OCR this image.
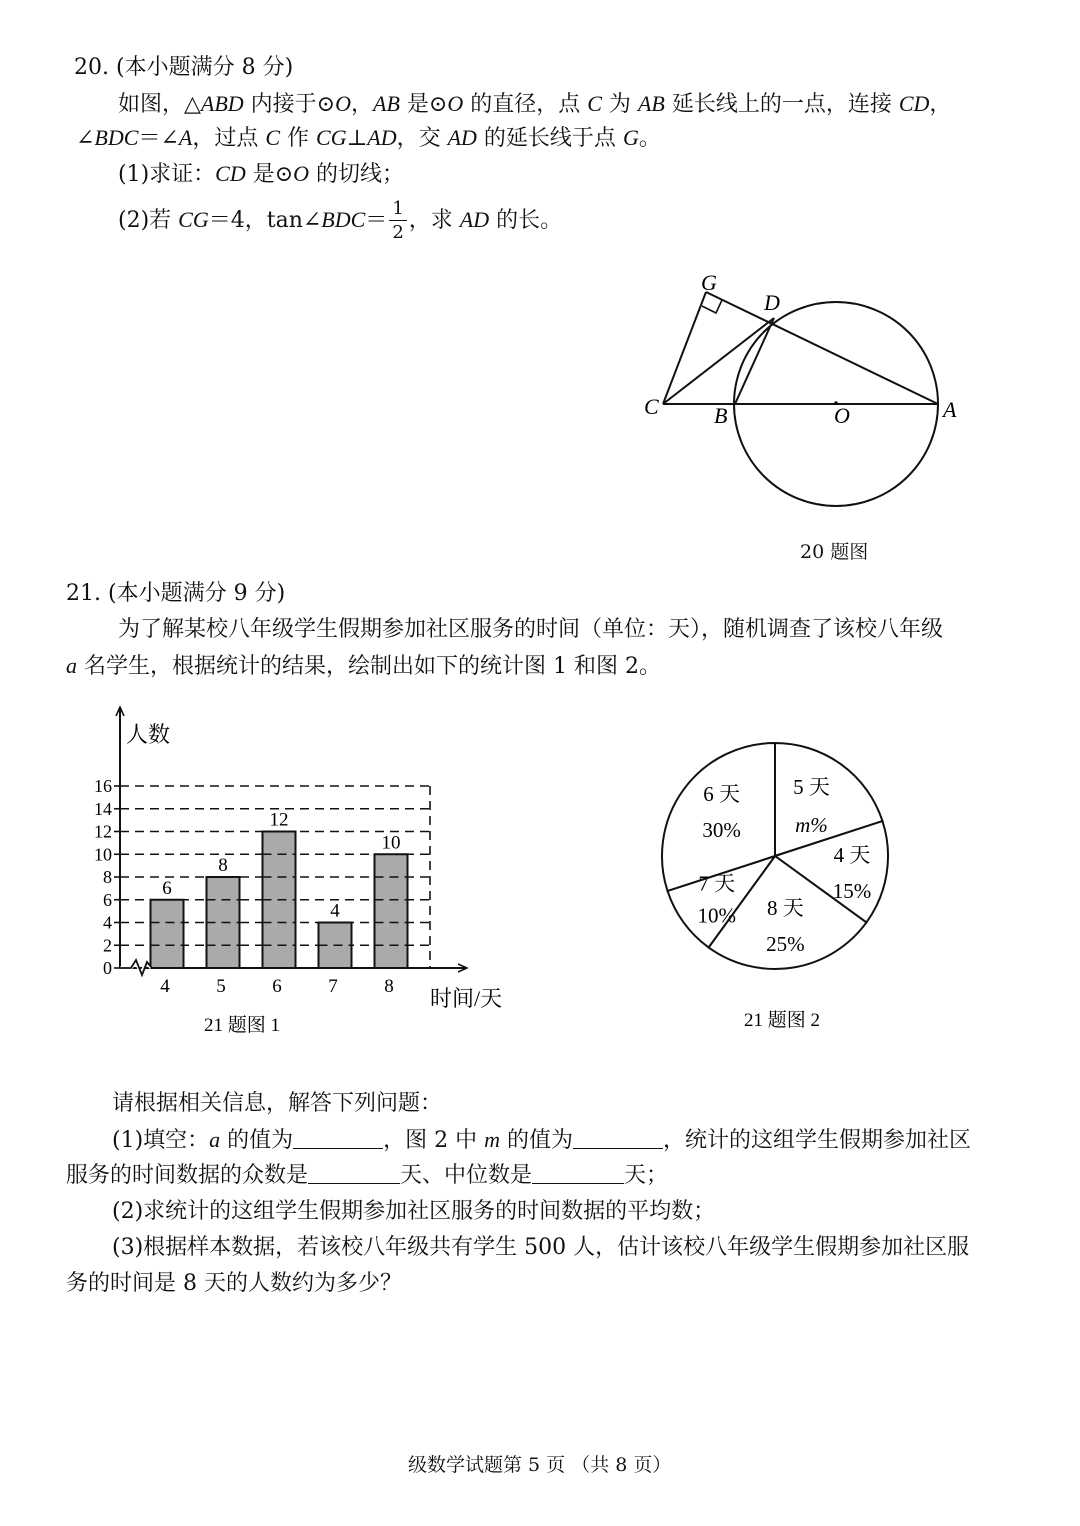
20. (本小题满分 8 分)
如图，△ABD 内接于⊙O，AB 是⊙O 的直径，点 C 为 AB 延长线上的一点，连接 CD，
∠BDC＝∠A，过点 C 作 CG⊥AD，交 AD 的延长线于点 G。
(1)求证：CD 是⊙O 的切线；
(2)若 CG＝4，tan∠BDC＝ $\frac{1}{2}$ ，求 AD 的长。
G
D
C	B	O	A
20 题图
21. (本小题满分 9 分)
为了解某校八年级学生假期参加社区服务的时间（单位：天），随机调查了该校八年级
a 名学生，根据统计的结果，绘制出如下的统计图 1 和图 2。
0
2
4
6
8
10
12
14
16
6
4
8
5
12
6
4
7
10
8
人数
时间/天
21 题图 1
5 天
m%
4 天
15%
8 天
25%
7 天
10%
6 天
30%
21 题图 2
请根据相关信息，解答下列问题：
(1)填空：a 的值为	，图 2 中 m 的值为	，统计的这组学生假期参加社区
服务的时间数据的众数是	天、中位数是	天；
(2)求统计的这组学生假期参加社区服务的时间数据的平均数；
(3)根据样本数据，若该校八年级共有学生 500 人，估计该校八年级学生假期参加社区服
务的时间是 8 天的人数约为多少？
级数学试题第 5 页 （共 8 页）
